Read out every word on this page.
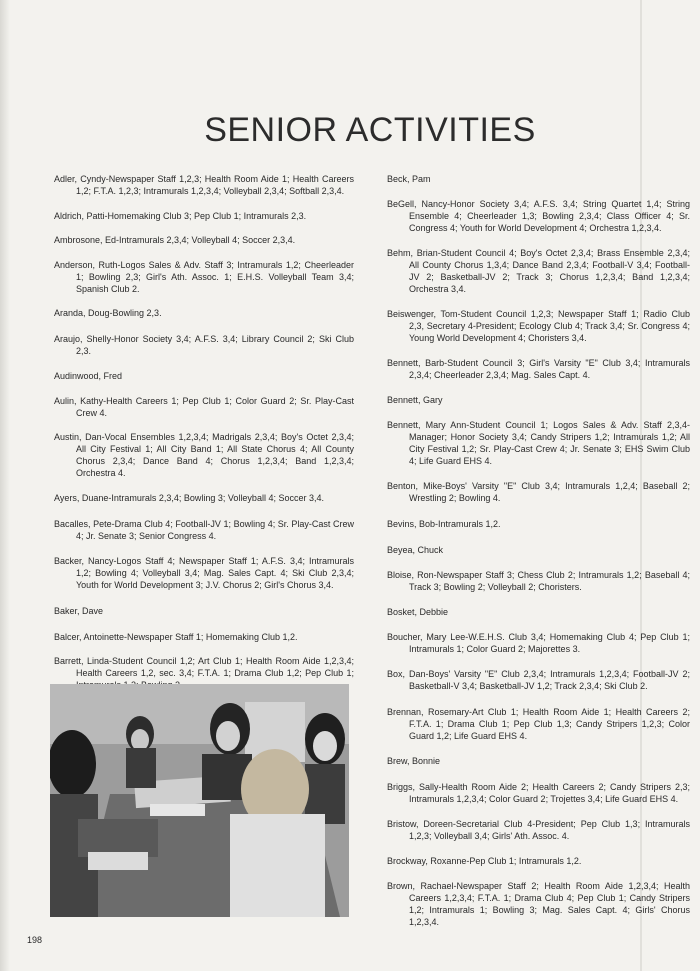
SENIOR ACTIVITIES
Adler, Cyndy-Newspaper Staff 1,2,3; Health Room Aide 1; Health Careers 1,2; F.T.A. 1,2,3; Intramurals 1,2,3,4; Volleyball 2,3,4; Softball 2,3,4.
Aldrich, Patti-Homemaking Club 3; Pep Club 1; Intramurals 2,3.
Ambrosone, Ed-Intramurals 2,3,4; Volleyball 4; Soccer 2,3,4.
Anderson, Ruth-Logos Sales & Adv. Staff 3; Intramurals 1,2; Cheerleader 1; Bowling 2,3; Girl's Ath. Assoc. 1; E.H.S. Volleyball Team 3,4; Spanish Club 2.
Aranda, Doug-Bowling 2,3.
Araujo, Shelly-Honor Society 3,4; A.F.S. 3,4; Library Council 2; Ski Club 2,3.
Audinwood, Fred
Aulin, Kathy-Health Careers 1; Pep Club 1; Color Guard 2; Sr. Play-Cast Crew 4.
Austin, Dan-Vocal Ensembles 1,2,3,4; Madrigals 2,3,4; Boy's Octet 2,3,4; All City Festival 1; All City Band 1; All State Chorus 4; All County Chorus 2,3,4; Dance Band 4; Chorus 1,2,3,4; Band 1,2,3,4; Orchestra 4.
Ayers, Duane-Intramurals 2,3,4; Bowling 3; Volleyball 4; Soccer 3,4.
Bacalles, Pete-Drama Club 4; Football-JV 1; Bowling 4; Sr. Play-Cast Crew 4; Jr. Senate 3; Senior Congress 4.
Backer, Nancy-Logos Staff 4; Newspaper Staff 1; A.F.S. 3,4; Intramurals 1,2; Bowling 4; Volleyball 3,4; Mag. Sales Capt. 4; Ski Club 2,3,4; Youth for World Development 3; J.V. Chorus 2; Girl's Chorus 3,4.
Baker, Dave
Balcer, Antoinette-Newspaper Staff 1; Homemaking Club 1,2.
Barrett, Linda-Student Council 1,2; Art Club 1; Health Room Aide 1,2,3,4; Health Careers 1,2, sec. 3,4; F.T.A. 1; Drama Club 1,2; Pep Club 1;
Beck, Pam
BeGell, Nancy-Honor Society 3,4; A.F.S. 3,4; String Quartet 1,4; String Ensemble 4; Cheerleader 1,3; Bowling 2,3,4; Class Officer 4; Sr. Congress 4; Youth for World Development 4; Orchestra 1,2,3,4.
Behm, Brian-Student Council 4; Boy's Octet 2,3,4; Brass Ensemble 2,3,4; All County Chorus 1,3,4; Dance Band 2,3,4; Football-V 3,4; Football-JV 2; Basketball-JV 2; Track 3; Chorus 1,2,3,4; Band 1,2,3,4; Orchestra 3,4.
Beiswenger, Tom-Student Council 1,2,3; Newspaper Staff 1; Radio Club 2,3, Secretary 4-President; Ecology Club 4; Track 3,4; Sr. Congress 4; Young World Development 4; Choristers 3,4.
Bennett, Barb-Student Council 3; Girl's Varsity "E" Club 3,4; Intramurals 2,3,4; Cheerleader 2,3,4; Mag. Sales Capt. 4.
Bennett, Gary
Bennett, Mary Ann-Student Council 1; Logos Sales & Adv. Staff 2,3,4-Manager; Honor Society 3,4; Candy Stripers 1,2; Intramurals 1,2; All City Festival 1,2; Sr. Play-Cast Crew 4; Jr. Senate 3; EHS Swim Club 4; Life Guard EHS 4.
Benton, Mike-Boys' Varsity "E" Club 3,4; Intramurals 1,2,4; Baseball 2; Wrestling 2; Bowling 4.
Bevins, Bob-Intramurals 1,2.
Beyea, Chuck
Bloise, Ron-Newspaper Staff 3; Chess Club 2; Intramurals 1,2; Baseball 4; Track 3; Bowling 2; Volleyball 2; Choristers.
Bosket, Debbie
Boucher, Mary Lee-W.E.H.S. Club 3,4; Homemaking Club 4; Pep Club 1; Intramurals 1; Color Guard 2; Majorettes 3.
Box, Dan-Boys' Varsity "E" Club 2,3,4; Intramurals 1,2,3,4; Football-JV 2; Basketball-V 3,4; Basketball-JV 1,2; Track 2,3,4; Ski Club 2.
Brennan, Rosemary-Art Club 1; Health Room Aide 1; Health Careers 2; F.T.A. 1; Drama Club 1; Pep Club 1,3; Candy Stripers 1,2,3; Color Guard 1,2; Life Guard EHS 4.
Brew, Bonnie
Briggs, Sally-Health Room Aide 2; Health Careers 2; Candy Stripers 2,3; Intramurals 1,2,3,4; Color Guard 2; Trojettes 3,4; Life Guard EHS 4.
Bristow, Doreen-Secretarial Club 4-President; Pep Club 1,3; Intramurals 1,2,3; Volleyball 3,4; Girls' Ath. Assoc. 4.
Brockway, Roxanne-Pep Club 1; Intramurals 1,2.
Brown, Rachael-Newspaper Staff 2; Health Room Aide 1,2,3,4; Health Careers 1,2,3,4; F.T.A. 1; Drama Club 4; Pep Club 1; Candy Stripers 1,2; Intramurals 1; Bowling 3; Mag. Sales Capt. 4; Girls' Chorus 1,2,3,4.
198
